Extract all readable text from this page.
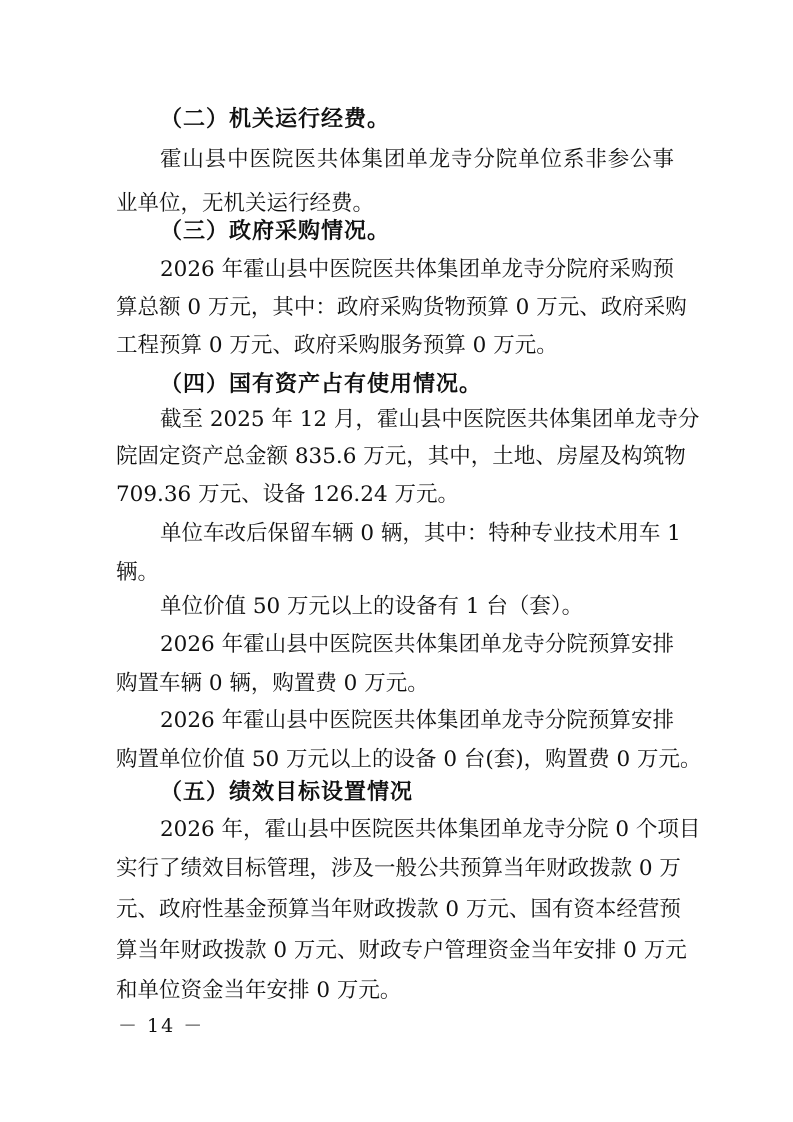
（二）机关运行经费。
霍山县中医院医共体集团单龙寺分院单位系非参公事
业单位，无机关运行经费。
（三）政府采购情况。
2026 年霍山县中医院医共体集团单龙寺分院府采购预
算总额 0 万元，其中：政府采购货物预算 0 万元、政府采购
工程预算 0 万元、政府采购服务预算 0 万元。
（四）国有资产占有使用情况。
截至 2025 年 12 月，霍山县中医院医共体集团单龙寺分
院固定资产总金额 835.6 万元，其中，土地、房屋及构筑物
709.36 万元、设备 126.24 万元。
单位车改后保留车辆 0 辆，其中：特种专业技术用车 1
辆。
单位价值 50 万元以上的设备有 1 台（套）。
2026 年霍山县中医院医共体集团单龙寺分院预算安排
购置车辆 0 辆，购置费 0 万元。
2026 年霍山县中医院医共体集团单龙寺分院预算安排
购置单位价值 50 万元以上的设备 0 台(套)，购置费 0 万元。
（五）绩效目标设置情况
2026 年，霍山县中医院医共体集团单龙寺分院 0 个项目
实行了绩效目标管理，涉及一般公共预算当年财政拨款 0 万
元、政府性基金预算当年财政拨款 0 万元、国有资本经营预
算当年财政拨款 0 万元、财政专户管理资金当年安排 0 万元
和单位资金当年安排 0 万元。
－ 14 －
